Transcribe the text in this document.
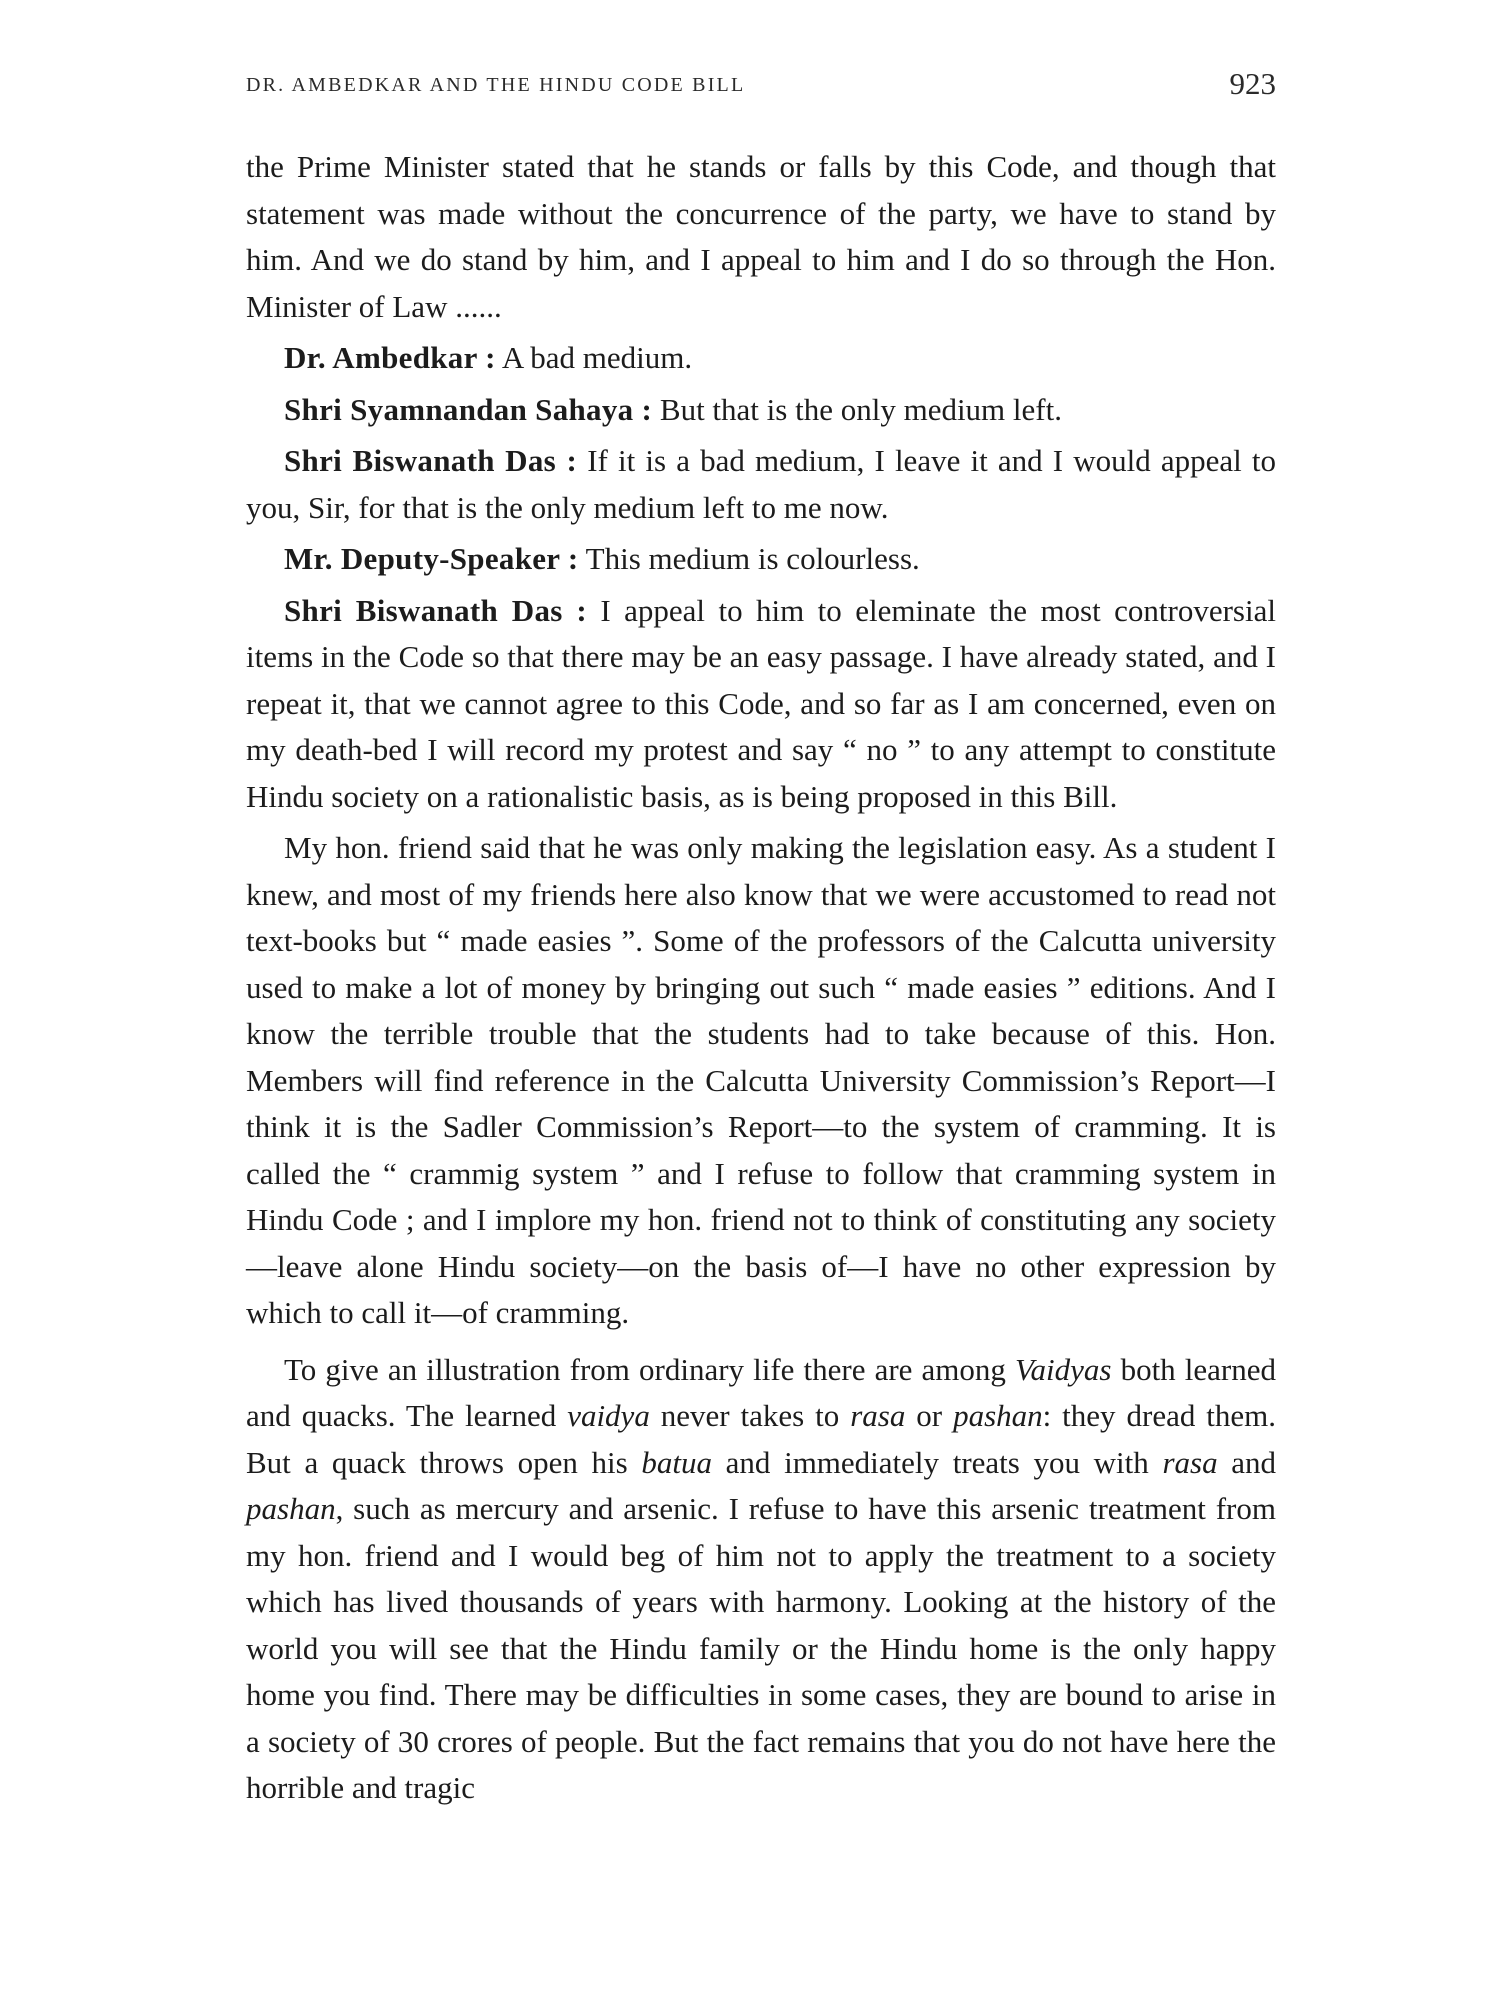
DR. AMBEDKAR AND THE HINDU CODE BILL	923

the Prime Minister stated that he stands or falls by this Code, and though that statement was made without the concurrence of the party, we have to stand by him. And we do stand by him, and I appeal to him and I do so through the Hon. Minister of Law ......

Dr. Ambedkar : A bad medium.

Shri Syamnandan Sahaya : But that is the only medium left.

Shri Biswanath Das : If it is a bad medium, I leave it and I would appeal to you, Sir, for that is the only medium left to me now.

Mr. Deputy-Speaker : This medium is colourless.

Shri Biswanath Das : I appeal to him to eleminate the most controversial items in the Code so that there may be an easy passage. I have already stated, and I repeat it, that we cannot agree to this Code, and so far as I am concerned, even on my death-bed I will record my protest and say “ no ” to any attempt to constitute Hindu society on a rationalistic basis, as is being proposed in this Bill.

My hon. friend said that he was only making the legislation easy. As a student I knew, and most of my friends here also know that we were accustomed to read not text-books but “ made easies ”. Some of the professors of the Calcutta university used to make a lot of money by bringing out such “ made easies ” editions. And I know the terrible trouble that the students had to take because of this. Hon. Members will find reference in the Calcutta University Commission’s Report—I think it is the Sadler Commission’s Report—to the system of cramming. It is called the “ crammig system ” and I refuse to follow that cramming system in Hindu Code ; and I implore my hon. friend not to think of constituting any society—leave alone Hindu society—on the basis of—I have no other expression by which to call it—of cramming.

To give an illustration from ordinary life there are among Vaidyas both learned and quacks. The learned vaidya never takes to rasa or pashan: they dread them. But a quack throws open his batua and immediately treats you with rasa and pashan, such as mercury and arsenic. I refuse to have this arsenic treatment from my hon. friend and I would beg of him not to apply the treatment to a society which has lived thousands of years with harmony. Looking at the history of the world you will see that the Hindu family or the Hindu home is the only happy home you find. There may be difficulties in some cases, they are bound to arise in a society of 30 crores of people. But the fact remains that you do not have here the horrible and tragic
